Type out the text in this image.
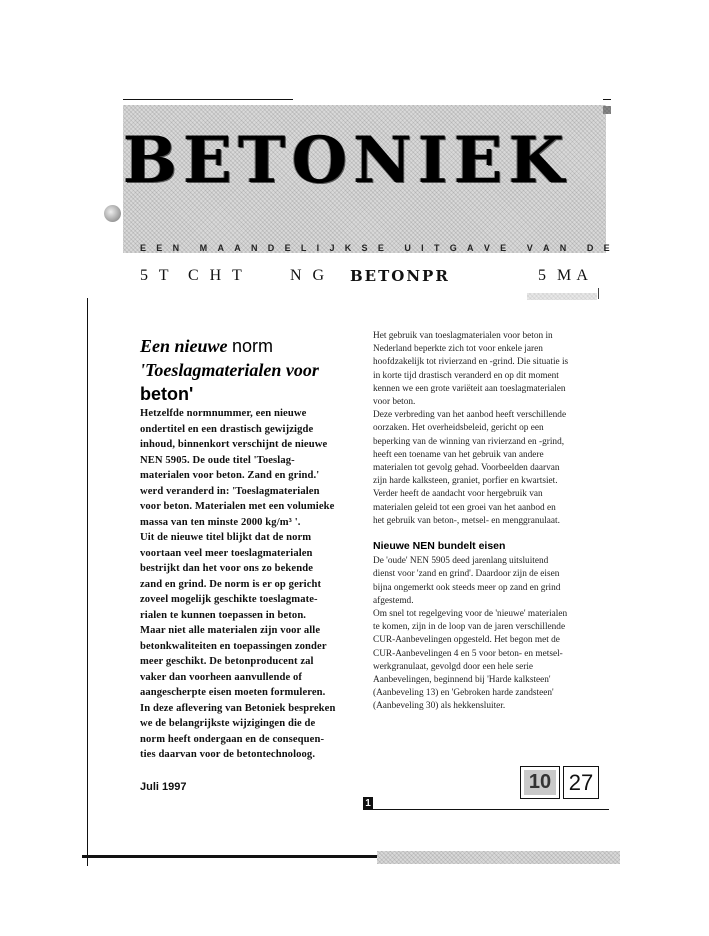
BETONIEK
E E N M A A N D E L I J K S E U I T G A V E V A N D E
5  T C  H  T	N  G BETONPR	5  M A
Een nieuwe norm
'Toeslagmaterialen voor
beton'
Hetzelfde normnummer, een nieuwe
ondertitel en een drastisch gewijzigde
inhoud, binnenkort verschijnt de nieuwe
NEN 5905. De oude titel 'Toeslag-
materialen voor beton. Zand en grind.'
werd veranderd in: 'Toeslagmaterialen
voor beton. Materialen met een volumieke
massa van ten minste 2000 kg/m³ '.
Uit de nieuwe titel blijkt dat de norm
voortaan veel meer toeslagmaterialen
bestrijkt dan het voor ons zo bekende
zand en grind. De norm is er op gericht
zoveel mogelijk geschikte toeslagmate-
rialen te kunnen toepassen in beton.
Maar niet alle materialen zijn voor alle
betonkwaliteiten en toepassingen zonder
meer geschikt. De betonproducent zal
vaker dan voorheen aanvullende of
aangescherpte eisen moeten formuleren.
In deze aflevering van Betoniek bespreken
we de belangrijkste wijzigingen die de
norm heeft ondergaan en de consequen-
ties daarvan voor de betontechnoloog.
Het gebruik van toeslagmaterialen voor beton in
Nederland beperkte zich tot voor enkele jaren
hoofdzakelijk tot rivierzand en -grind. Die situatie is
in korte tijd drastisch veranderd en op dit moment
kennen we een grote variëteit aan toeslagmaterialen
voor beton.
Deze verbreding van het aanbod heeft verschillende
oorzaken. Het overheidsbeleid, gericht op een
beperking van de winning van rivierzand en -grind,
heeft een toename van het gebruik van andere
materialen tot gevolg gehad. Voorbeelden daarvan
zijn harde kalksteen, graniet, porfier en kwartsiet.
Verder heeft de aandacht voor hergebruik van
materialen geleid tot een groei van het aanbod en
het gebruik van beton-, metsel- en menggranulaat.
Nieuwe NEN bundelt eisen
De 'oude' NEN 5905 deed jarenlang uitsluitend
dienst voor 'zand en grind'. Daardoor zijn de eisen
bijna ongemerkt ook steeds meer op zand en grind
afgestemd.
Om snel tot regelgeving voor de 'nieuwe' materialen
te komen, zijn in de loop van de jaren verschillende
CUR-Aanbevelingen opgesteld. Het begon met de
CUR-Aanbevelingen 4 en 5 voor beton- en metsel-
werkgranulaat, gevolgd door een hele serie
Aanbevelingen, beginnend bij 'Harde kalksteen'
(Aanbeveling 13) en 'Gebroken harde zandsteen'
(Aanbeveling 30) als hekkensluiter.
Juli 1997	10 27
1
